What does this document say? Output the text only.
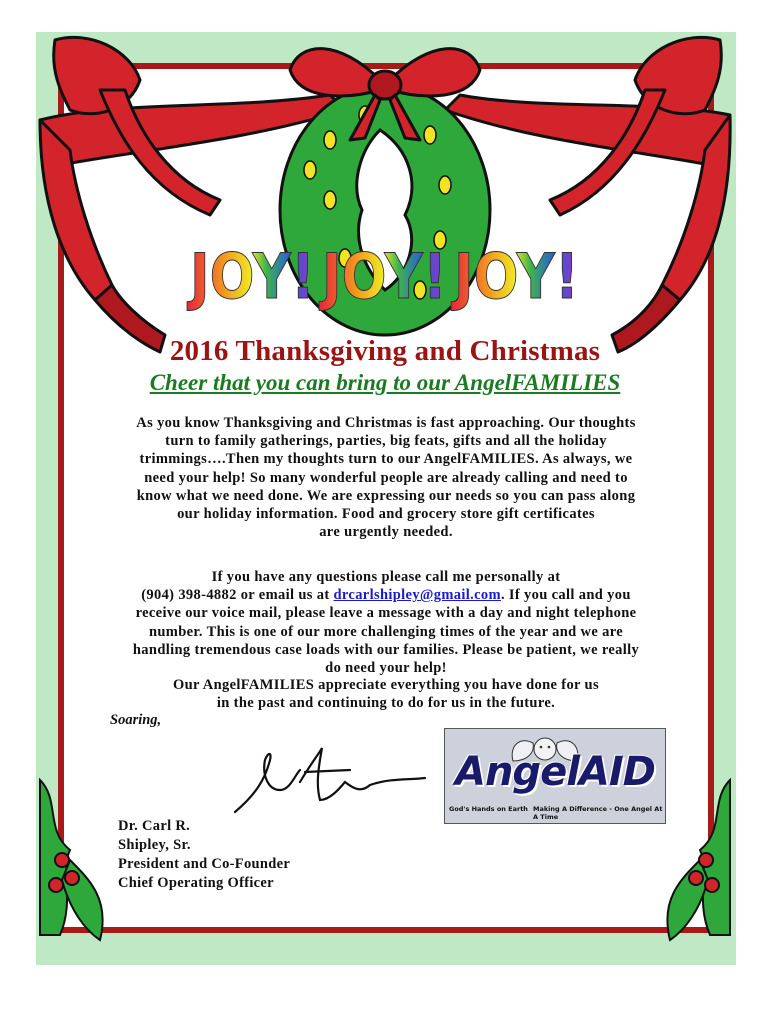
JOY! JOY! JOY!
2016 Thanksgiving and Christmas
Cheer that you can bring to our AngelFAMILIES
As you know Thanksgiving and Christmas is fast approaching. Our thoughts
turn to family gatherings, parties, big feats, gifts and all the holiday
trimmings….Then my thoughts turn to our AngelFAMILIES. As always, we
need your help! So many wonderful people are already calling and need to
know what we need done. We are expressing our needs so you can pass along
our holiday information. Food and grocery store gift certificates
are urgently needed.
If you have any questions please call me personally at
(904) 398-4882 or email us at drcarlshipley@gmail.com. If you call and you
receive our voice mail, please leave a message with a day and night telephone
number. This is one of our more challenging times of the year and we are
handling tremendous case loads with our families. Please be patient, we really
do need your help!
Our AngelFAMILIES appreciate everything you have done for us
in the past and continuing to do for us in the future.
Soaring,
Dr. Carl R.
Shipley, Sr.
President and Co-Founder
Chief Operating Officer
AngelAID
God's Hands on Earth Making A Difference - One Angel At A Time
